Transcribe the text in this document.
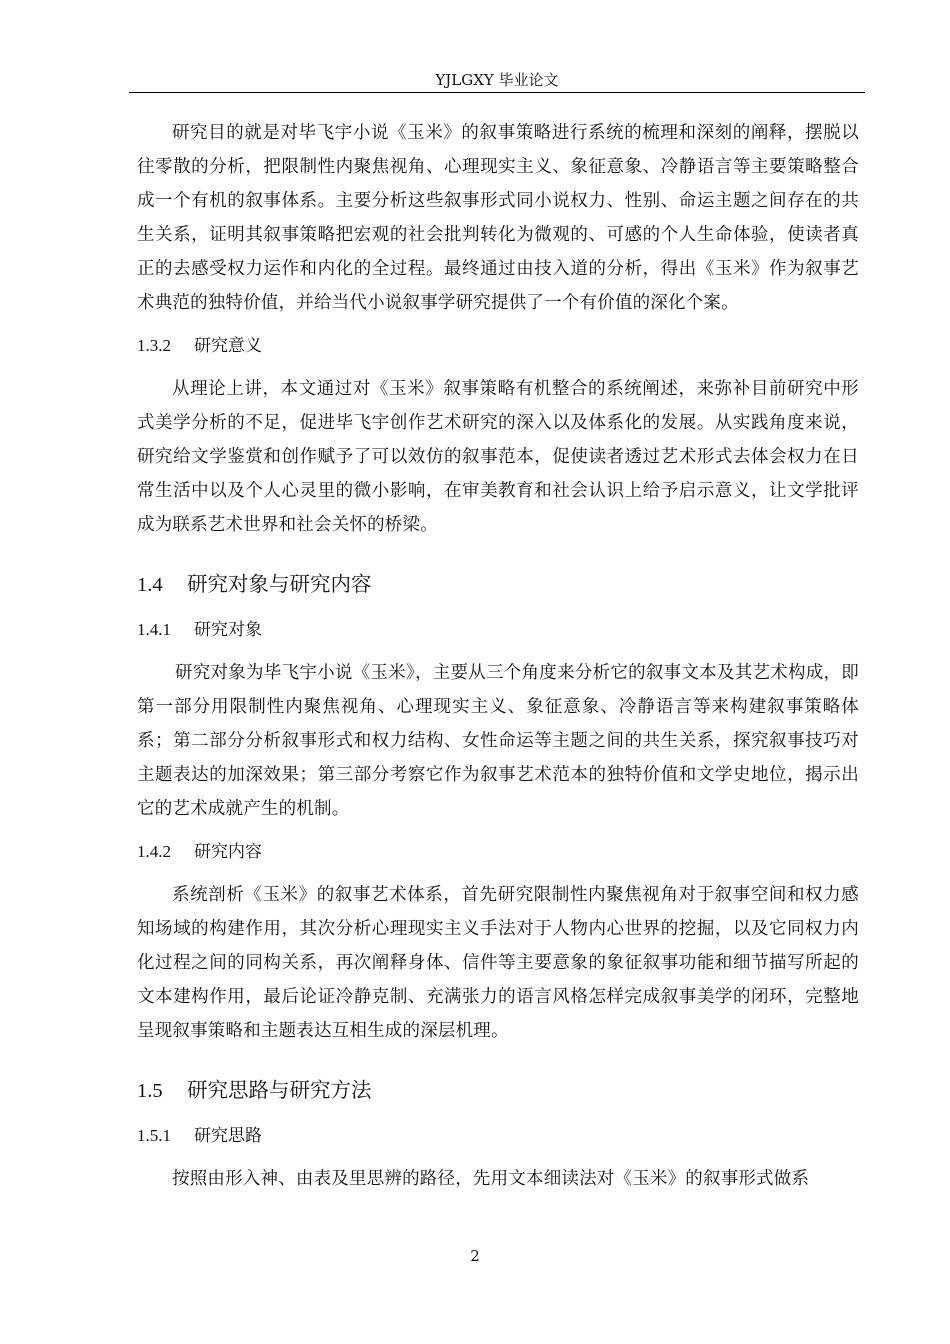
YJLGXY 毕业论文

研究目的就是对毕飞宇小说《玉米》的叙事策略进行系统的梳理和深刻的阐释，摆脱以往零散的分析，把限制性内聚焦视角、心理现实主义、象征意象、冷静语言等主要策略整合成一个有机的叙事体系。主要分析这些叙事形式同小说权力、性别、命运主题之间存在的共生关系，证明其叙事策略把宏观的社会批判转化为微观的、可感的个人生命体验，使读者真正的去感受权力运作和内化的全过程。最终通过由技入道的分析，得出《玉米》作为叙事艺术典范的独特价值，并给当代小说叙事学研究提供了一个有价值的深化个案。

1.3.2 研究意义

从理论上讲，本文通过对《玉米》叙事策略有机整合的系统阐述，来弥补目前研究中形式美学分析的不足，促进毕飞宇创作艺术研究的深入以及体系化的发展。从实践角度来说，研究给文学鉴赏和创作赋予了可以效仿的叙事范本，促使读者透过艺术形式去体会权力在日常生活中以及个人心灵里的微小影响，在审美教育和社会认识上给予启示意义，让文学批评成为联系艺术世界和社会关怀的桥梁。

1.4 研究对象与研究内容
1.4.1 研究对象

研究对象为毕飞宇小说《玉米》，主要从三个角度来分析它的叙事文本及其艺术构成，即第一部分用限制性内聚焦视角、心理现实主义、象征意象、冷静语言等来构建叙事策略体系；第二部分分析叙事形式和权力结构、女性命运等主题之间的共生关系，探究叙事技巧对主题表达的加深效果；第三部分考察它作为叙事艺术范本的独特价值和文学史地位，揭示出它的艺术成就产生的机制。

1.4.2 研究内容

系统剖析《玉米》的叙事艺术体系，首先研究限制性内聚焦视角对于叙事空间和权力感知场域的构建作用，其次分析心理现实主义手法对于人物内心世界的挖掘，以及它同权力内化过程之间的同构关系，再次阐释身体、信件等主要意象的象征叙事功能和细节描写所起的文本建构作用，最后论证冷静克制、充满张力的语言风格怎样完成叙事美学的闭环，完整地呈现叙事策略和主题表达互相生成的深层机理。

1.5 研究思路与研究方法
1.5.1 研究思路

按照由形入神、由表及里思辨的路径，先用文本细读法对《玉米》的叙事形式做系

2
